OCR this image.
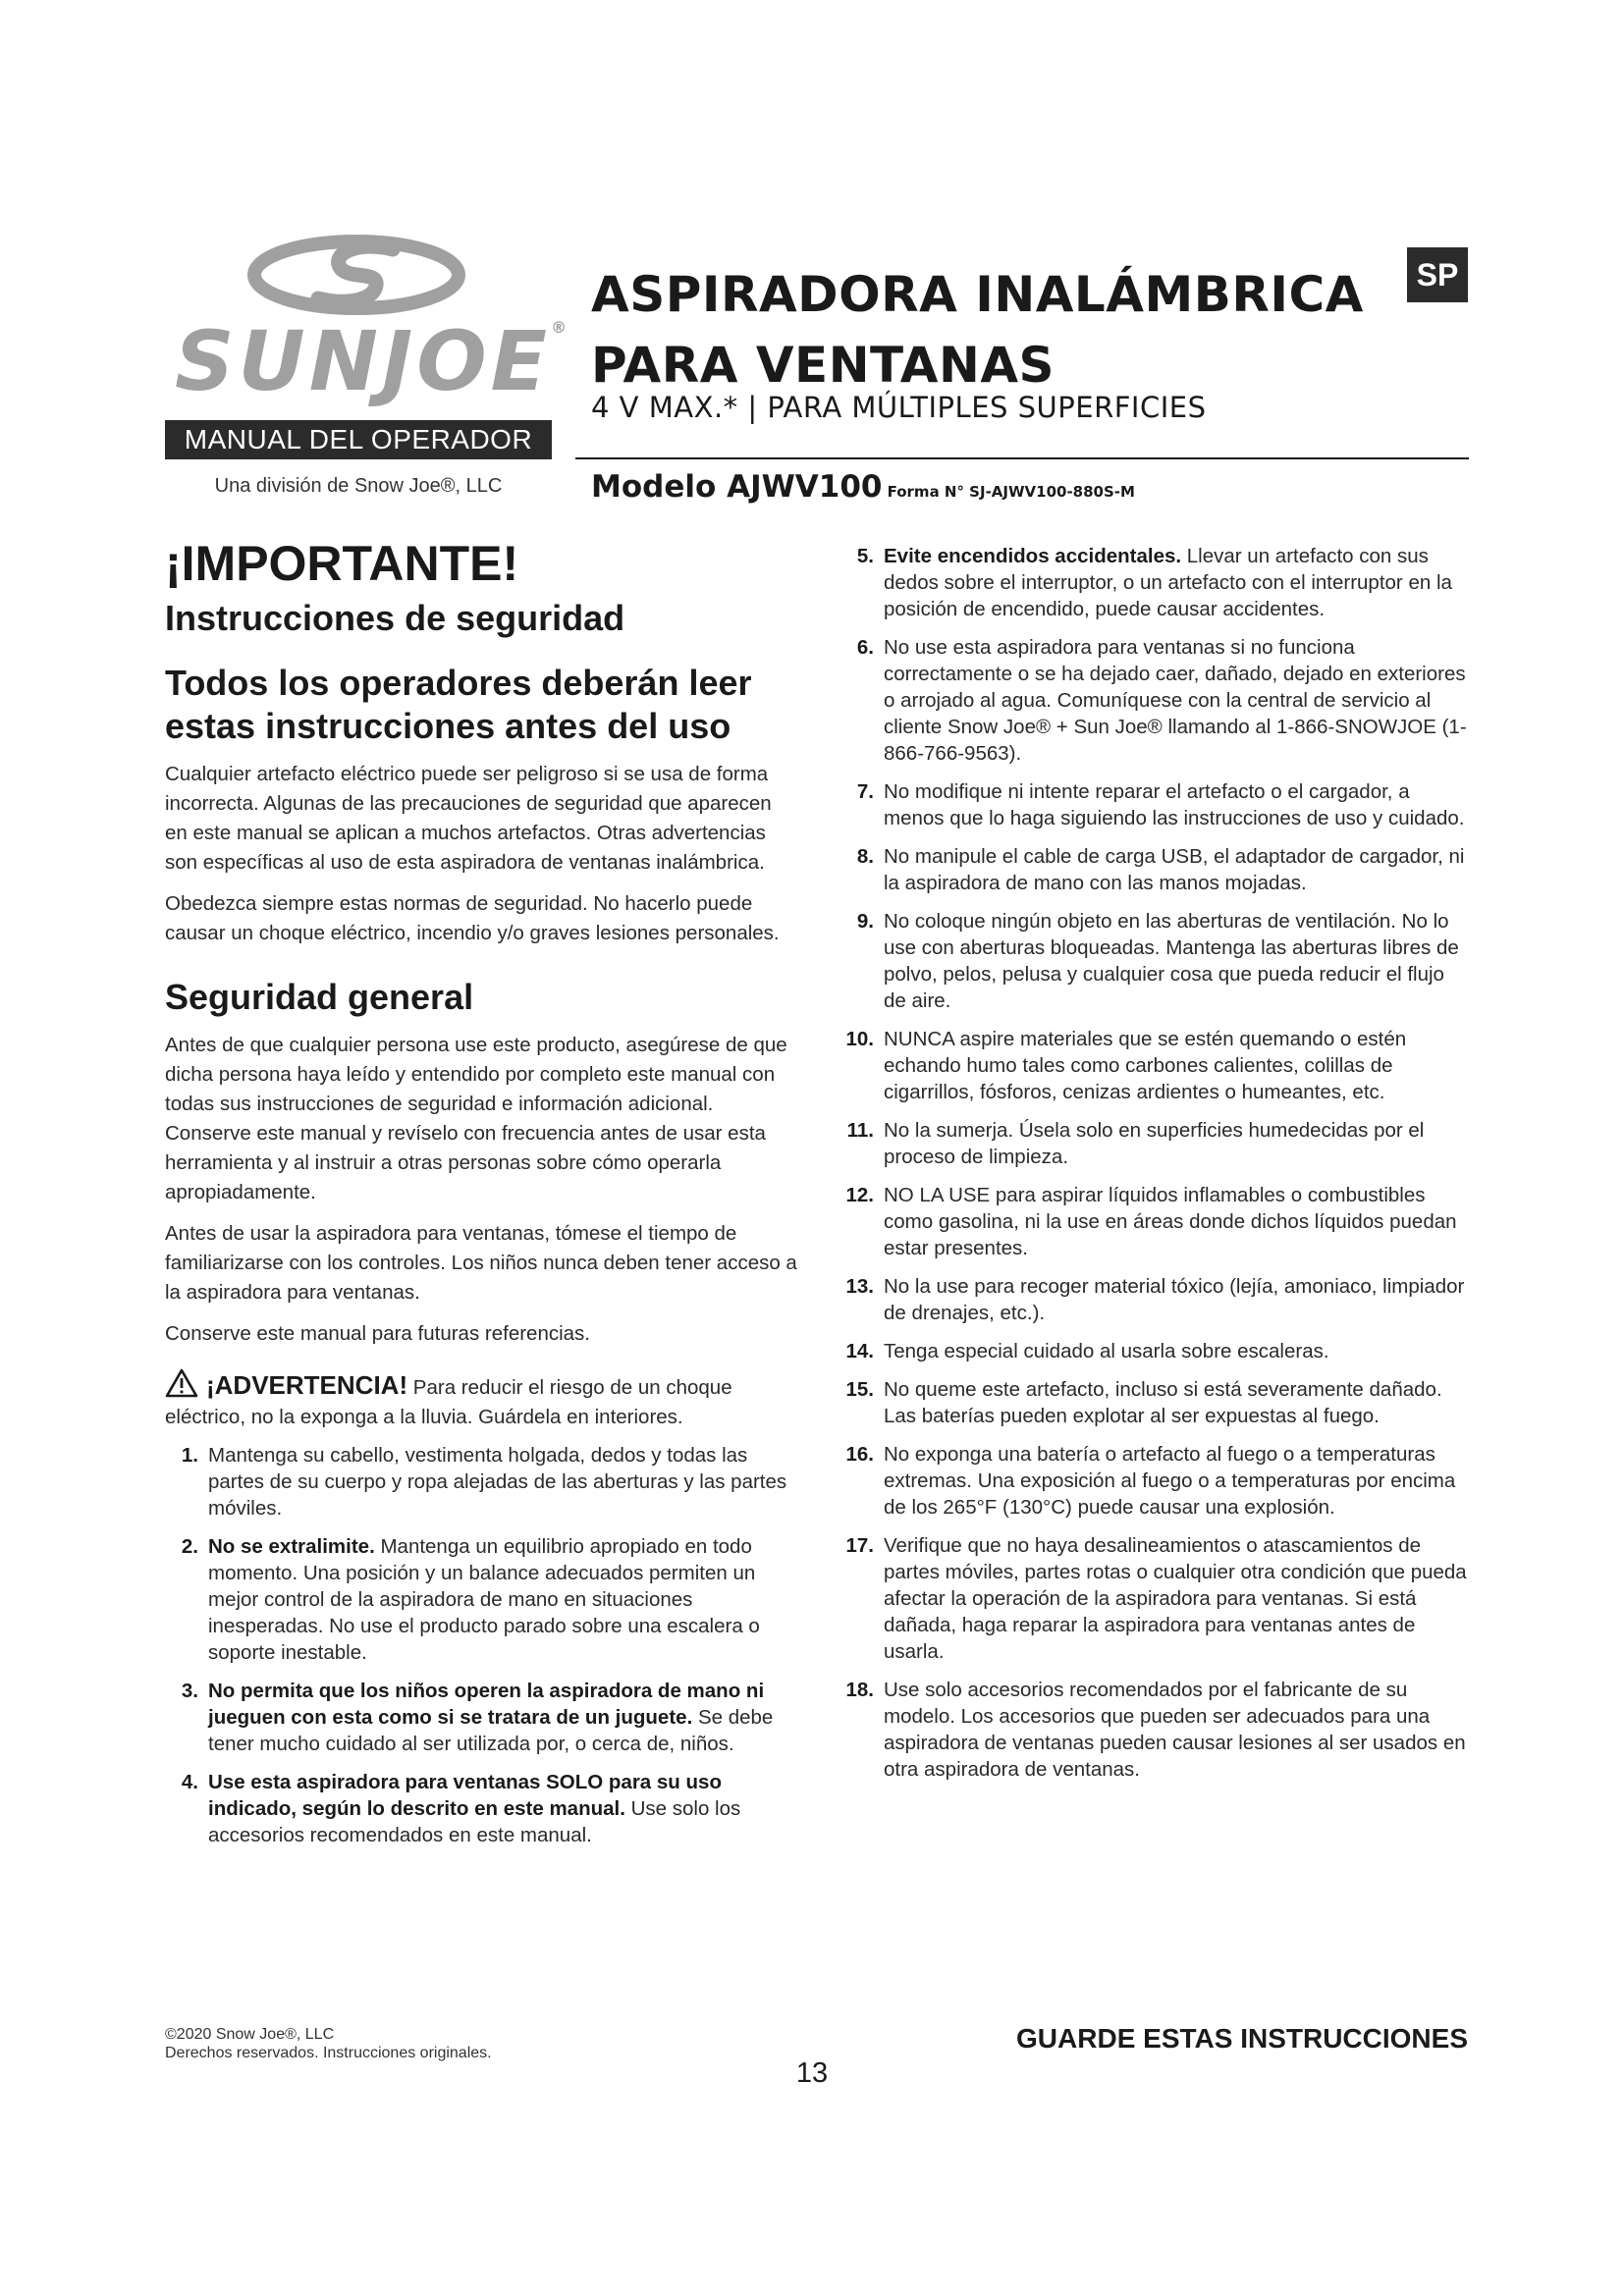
SUNJOE®
MANUAL DEL OPERADOR
Una división de Snow Joe®, LLC
ASPIRADORA INALÁMBRICA
PARA VENTANAS
4 V MAX.* | PARA MÚLTIPLES SUPERFICIES
Modelo AJWV100 Forma N° SJ-AJWV100-880S-M
SP
¡IMPORTANTE!
Instrucciones de seguridad
Todos los operadores deberán leer
estas instrucciones antes del uso

Cualquier artefacto eléctrico puede ser peligroso si se usa de forma incorrecta. Algunas de las precauciones de seguridad que aparecen en este manual se aplican a muchos artefactos. Otras advertencias son específicas al uso de esta aspiradora de ventanas inalámbrica.

Obedezca siempre estas normas de seguridad. No hacerlo puede causar un choque eléctrico, incendio y/o graves lesiones personales.

Seguridad general

Antes de que cualquier persona use este producto, asegúrese de que dicha persona haya leído y entendido por completo este manual con todas sus instrucciones de seguridad e información adicional. Conserve este manual y revíselo con frecuencia antes de usar esta herramienta y al instruir a otras personas sobre cómo operarla apropiadamente.

Antes de usar la aspiradora para ventanas, tómese el tiempo de familiarizarse con los controles. Los niños nunca deben tener acceso a la aspiradora para ventanas.

Conserve este manual para futuras referencias.

¡ADVERTENCIA! Para reducir el riesgo de un choque eléctrico, no la exponga a la lluvia. Guárdela en interiores.
1. Mantenga su cabello, vestimenta holgada, dedos y todas las partes de su cuerpo y ropa alejadas de las aberturas y las partes móviles.
2. No se extralimite. Mantenga un equilibrio apropiado en todo momento. Una posición y un balance adecuados permiten un mejor control de la aspiradora de mano en situaciones inesperadas. No use el producto parado sobre una escalera o soporte inestable.
3. No permita que los niños operen la aspiradora de mano ni jueguen con esta como si se tratara de un juguete. Se debe tener mucho cuidado al ser utilizada por, o cerca de, niños.
4. Use esta aspiradora para ventanas SOLO para su uso indicado, según lo descrito en este manual. Use solo los accesorios recomendados en este manual.
5. Evite encendidos accidentales. Llevar un artefacto con sus dedos sobre el interruptor, o un artefacto con el interruptor en la posición de encendido, puede causar accidentes.
6. No use esta aspiradora para ventanas si no funciona correctamente o se ha dejado caer, dañado, dejado en exteriores o arrojado al agua. Comuníquese con la central de servicio al cliente Snow Joe® + Sun Joe® llamando al 1-866-SNOWJOE (1-866-766-9563).
7. No modifique ni intente reparar el artefacto o el cargador, a menos que lo haga siguiendo las instrucciones de uso y cuidado.
8. No manipule el cable de carga USB, el adaptador de cargador, ni la aspiradora de mano con las manos mojadas.
9. No coloque ningún objeto en las aberturas de ventilación. No lo use con aberturas bloqueadas. Mantenga las aberturas libres de polvo, pelos, pelusa y cualquier cosa que pueda reducir el flujo de aire.
10. NUNCA aspire materiales que se estén quemando o estén echando humo tales como carbones calientes, colillas de cigarrillos, fósforos, cenizas ardientes o humeantes, etc.
11. No la sumerja. Úsela solo en superficies humedecidas por el proceso de limpieza.
12. NO LA USE para aspirar líquidos inflamables o combustibles como gasolina, ni la use en áreas donde dichos líquidos puedan estar presentes.
13. No la use para recoger material tóxico (lejía, amoniaco, limpiador de drenajes, etc.).
14. Tenga especial cuidado al usarla sobre escaleras.
15. No queme este artefacto, incluso si está severamente dañado. Las baterías pueden explotar al ser expuestas al fuego.
16. No exponga una batería o artefacto al fuego o a temperaturas extremas. Una exposición al fuego o a temperaturas por encima de los 265°F (130°C) puede causar una explosión.
17. Verifique que no haya desalineamientos o atascamientos de partes móviles, partes rotas o cualquier otra condición que pueda afectar la operación de la aspiradora para ventanas. Si está dañada, haga reparar la aspiradora para ventanas antes de usarla.
18. Use solo accesorios recomendados por el fabricante de su modelo. Los accesorios que pueden ser adecuados para una aspiradora de ventanas pueden causar lesiones al ser usados en otra aspiradora de ventanas.
©2020 Snow Joe®, LLC
Derechos reservados. Instrucciones originales.	GUARDE ESTAS INSTRUCCIONES
13
